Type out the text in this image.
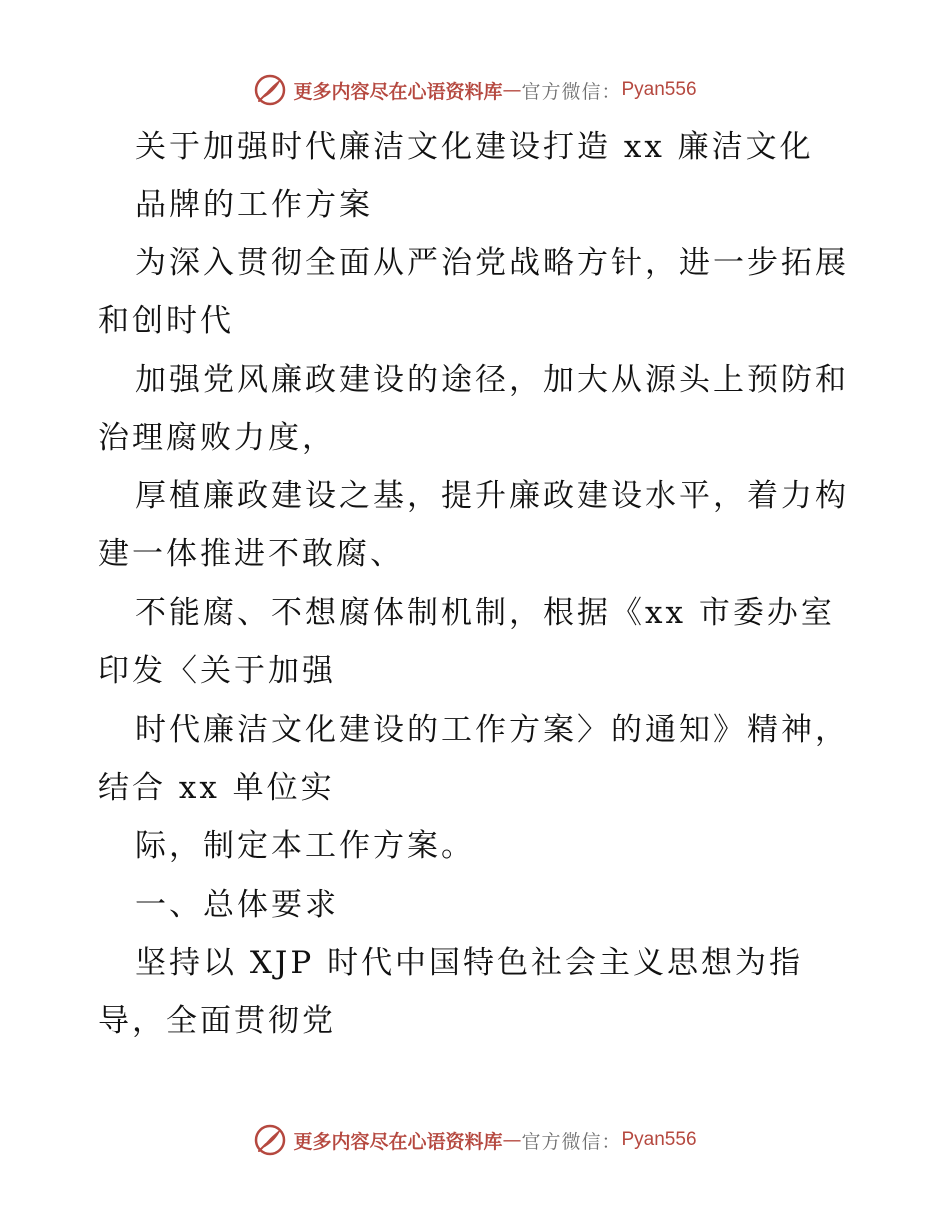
更多内容尽在心语资料库 — 官方微信： Pyan556
关于加强时代廉洁文化建设打造 xx 廉洁文化
品牌的工作方案
为深入贯彻全面从严治党战略方针，进一步拓展
和创时代
加强党风廉政建设的途径，加大从源头上预防和
治理腐败力度，
厚植廉政建设之基，提升廉政建设水平，着力构
建一体推进不敢腐、
不能腐、不想腐体制机制，根据《xx 市委办室
印发〈关于加强
时代廉洁文化建设的工作方案〉的通知》精神，
结合 xx 单位实
际，制定本工作方案。
一、总体要求
坚持以 XJP 时代中国特色社会主义思想为指
导，全面贯彻党
更多内容尽在心语资料库 — 官方微信： Pyan556
